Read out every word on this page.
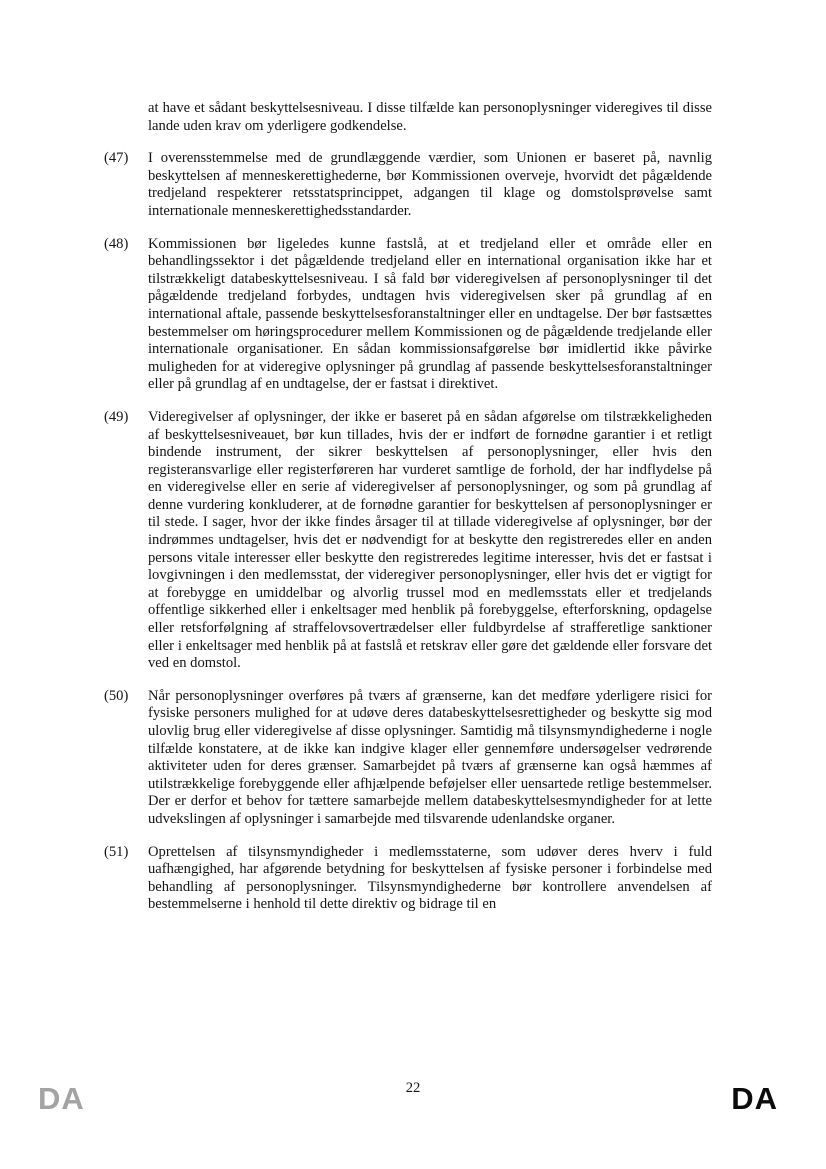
at have et sådant beskyttelsesniveau. I disse tilfælde kan personoplysninger videregives til disse lande uden krav om yderligere godkendelse.

(47)	I overensstemmelse med de grundlæggende værdier, som Unionen er baseret på, navnlig beskyttelsen af menneskerettighederne, bør Kommissionen overveje, hvorvidt det pågældende tredjeland respekterer retsstatsprincippet, adgangen til klage og domstolsprøvelse samt internationale menneskerettighedsstandarder.

(48)	Kommissionen bør ligeledes kunne fastslå, at et tredjeland eller et område eller en behandlingssektor i det pågældende tredjeland eller en international organisation ikke har et tilstrækkeligt databeskyttelsesniveau. I så fald bør videregivelsen af personoplysninger til det pågældende tredjeland forbydes, undtagen hvis videregivelsen sker på grundlag af en international aftale, passende beskyttelsesforanstaltninger eller en undtagelse. Der bør fastsættes bestemmelser om høringsprocedurer mellem Kommissionen og de pågældende tredjelande eller internationale organisationer. En sådan kommissionsafgørelse bør imidlertid ikke påvirke muligheden for at videregive oplysninger på grundlag af passende beskyttelsesforanstaltninger eller på grundlag af en undtagelse, der er fastsat i direktivet.

(49)	Videregivelser af oplysninger, der ikke er baseret på en sådan afgørelse om tilstrækkeligheden af beskyttelsesniveauet, bør kun tillades, hvis der er indført de fornødne garantier i et retligt bindende instrument, der sikrer beskyttelsen af personoplysninger, eller hvis den registeransvarlige eller registerføreren har vurderet samtlige de forhold, der har indflydelse på en videregivelse eller en serie af videregivelser af personoplysninger, og som på grundlag af denne vurdering konkluderer, at de fornødne garantier for beskyttelsen af personoplysninger er til stede. I sager, hvor der ikke findes årsager til at tillade videregivelse af oplysninger, bør der indrømmes undtagelser, hvis det er nødvendigt for at beskytte den registreredes eller en anden persons vitale interesser eller beskytte den registreredes legitime interesser, hvis det er fastsat i lovgivningen i den medlemsstat, der videregiver personoplysninger, eller hvis det er vigtigt for at forebygge en umiddelbar og alvorlig trussel mod en medlemsstats eller et tredjelands offentlige sikkerhed eller i enkeltsager med henblik på forebyggelse, efterforskning, opdagelse eller retsforfølgning af straffelovsovertrædelser eller fuldbyrdelse af strafferetlige sanktioner eller i enkeltsager med henblik på at fastslå et retskrav eller gøre det gældende eller forsvare det ved en domstol.

(50)	Når personoplysninger overføres på tværs af grænserne, kan det medføre yderligere risici for fysiske personers mulighed for at udøve deres databeskyttelsesrettigheder og beskytte sig mod ulovlig brug eller videregivelse af disse oplysninger. Samtidig må tilsynsmyndighederne i nogle tilfælde konstatere, at de ikke kan indgive klager eller gennemføre undersøgelser vedrørende aktiviteter uden for deres grænser. Samarbejdet på tværs af grænserne kan også hæmmes af utilstrækkelige forebyggende eller afhjælpende beføjelser eller uensartede retlige bestemmelser. Der er derfor et behov for tættere samarbejde mellem databeskyttelsesmyndigheder for at lette udvekslingen af oplysninger i samarbejde med tilsvarende udenlandske organer.

(51)	Oprettelsen af tilsynsmyndigheder i medlemsstaterne, som udøver deres hverv i fuld uafhængighed, har afgørende betydning for beskyttelsen af fysiske personer i forbindelse med behandling af personoplysninger. Tilsynsmyndighederne bør kontrollere anvendelsen af bestemmelserne i henhold til dette direktiv og bidrage til en

22
DA	DA
